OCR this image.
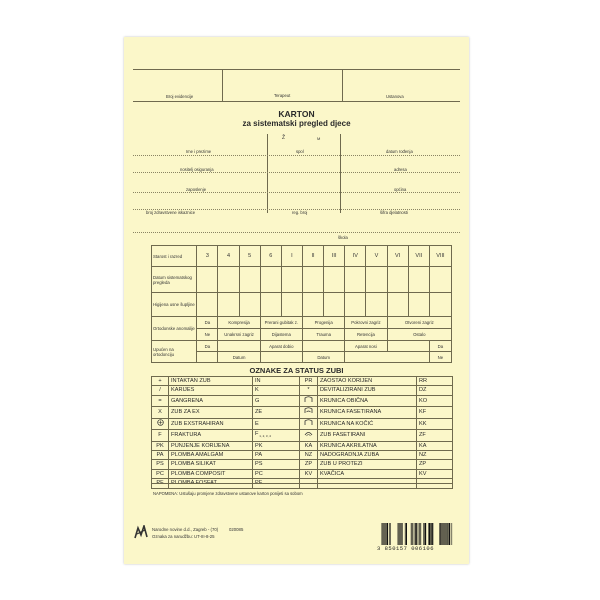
Broj evidencije	Terapeut	Ustanova
KARTON
za sistematski pregled djece
Ž	M
Ime i prezime	spol	datum rođenja
nositelj osiguranja	adresa
zaposlenje	općina
broj zdravstvene iskaznice	reg. broj	šifra djelatnosti
škola
Starost i razred	3	4	5	6	I	II	III	IV	V	VI	VII	VIII
Datum sistematskog pregleda												
Higijena usne šupljine												
Ortodonske anomalije	Da	Kompresija		Prerani gubitak z.		Progenija		Pokrovni zagriz		Otvoreni zagriz		
	Ne	Unakrsni zagriz		Dijastema		Trauma		Retencija		Ostalo		
Upućen na ortodonciju	Da			Aparat dobio				Aparat nosi				Da
		Datum				Datum						Ne
OZNAKE ZA STATUS ZUBI
+	INTAKTAN ZUB	IN	PR	ZAOSTAO KORIJEN	RR
/	KARIJES	K	*	DEVITALIZIRANI ZUB	DZ
=	GANGRENA	G		KRUNICA OBIČNA	KO
X	ZUB ZA EX	ZE		KRUNICA FASETIRANA	KF
	ZUB EXSTRAHIRAN	E		KRUNICA NA KOČIĆ	KK
F	FRAKTURA	F $_{1, 2, 3, 4}$		ZUB FASETIRANI	ZF
PK	PUNJENJE KORIJENA	PK	KA	KRUNICA AKRILATNA	KA
PA	PLOMBA AMALGAM	PA	NZ	NADOGRADNJA ZUBA	NZ
PS	PLOMBA SILIKAT	PS	ZP	ZUB U PROTEZI	ZP
PC	PLOMBA COMPOSIT	PC	KV	KVAČICA	KV
PF	PLOMBA FOSFAT	PF			
NAPOMENA: Ustušaju promjene zdravstvene ustanove karton ponijeti sa sobom
Narodne novine d.d., Zagreb - (70)
Oznaka za narudžbu: UT-III-8-25
020085
3 850157 006106
